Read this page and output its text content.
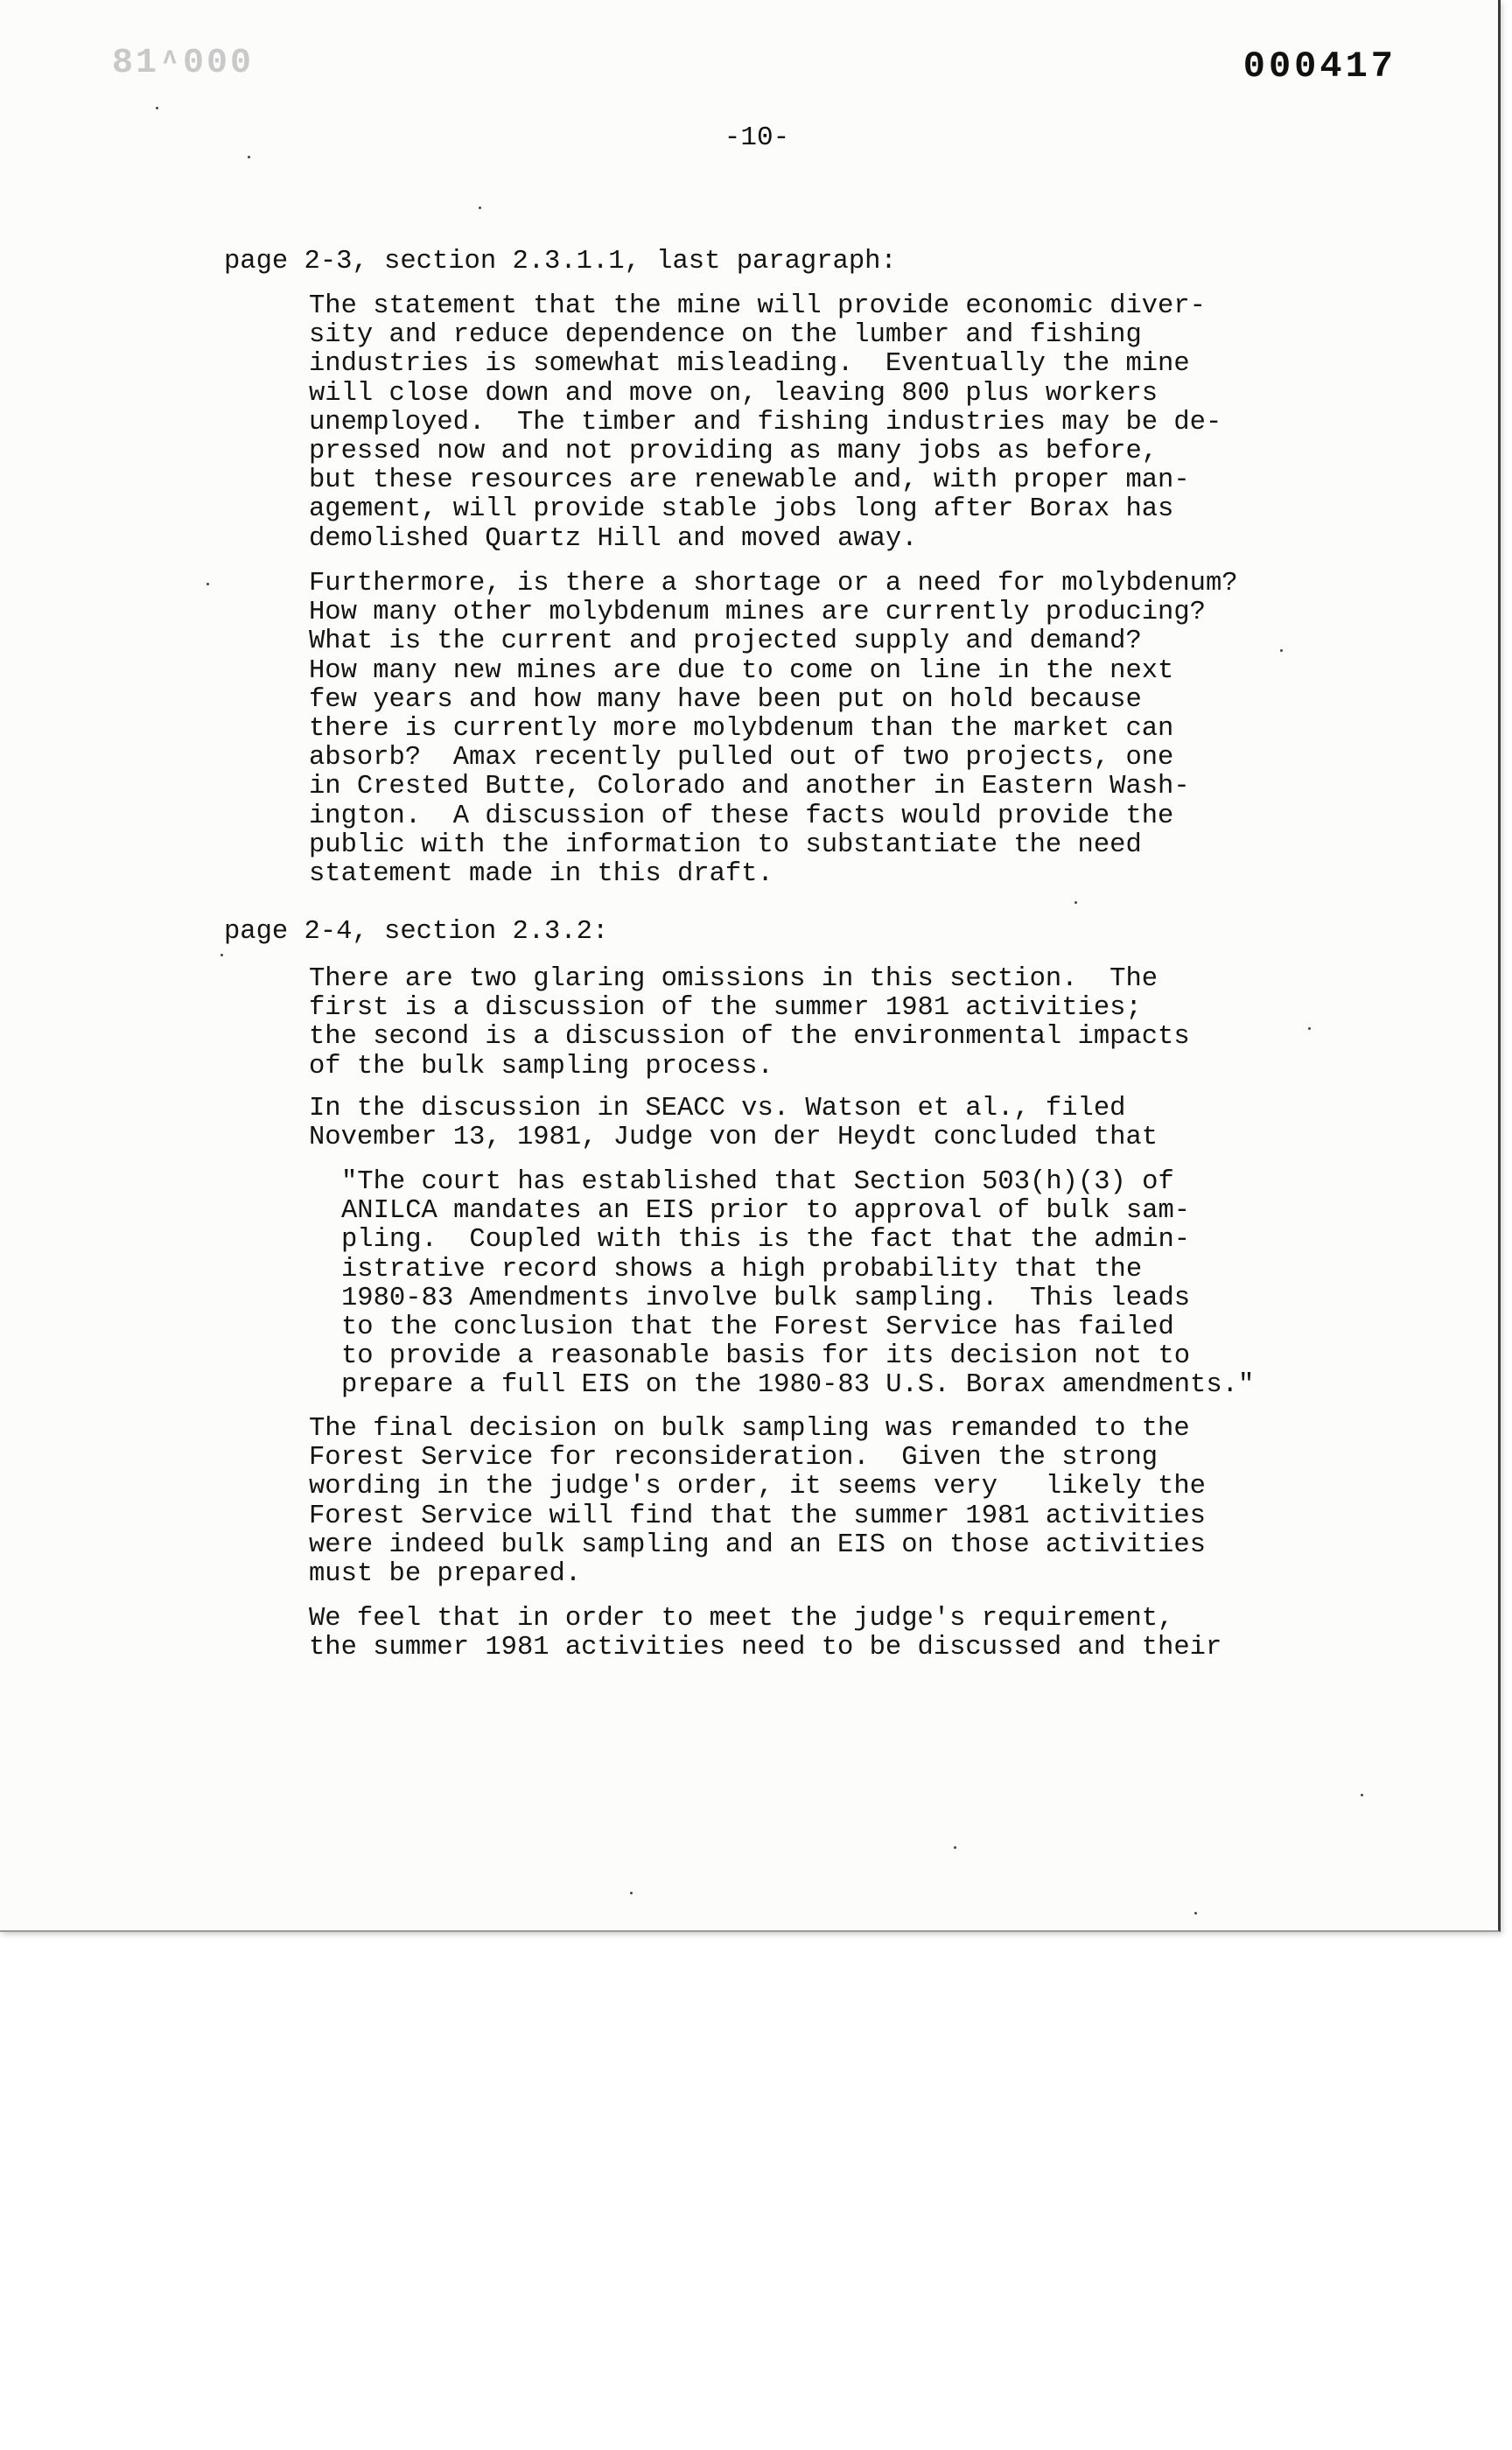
81ᶺ000	000417
-10-

page 2-3, section 2.3.1.1, last paragraph:

The statement that the mine will provide economic diver-
sity and reduce dependence on the lumber and fishing
industries is somewhat misleading.  Eventually the mine
will close down and move on, leaving 800 plus workers
unemployed.  The timber and fishing industries may be de-
pressed now and not providing as many jobs as before,
but these resources are renewable and, with proper man-
agement, will provide stable jobs long after Borax has
demolished Quartz Hill and moved away.

Furthermore, is there a shortage or a need for molybdenum?
How many other molybdenum mines are currently producing?
What is the current and projected supply and demand?
How many new mines are due to come on line in the next
few years and how many have been put on hold because
there is currently more molybdenum than the market can
absorb?  Amax recently pulled out of two projects, one
in Crested Butte, Colorado and another in Eastern Wash-
ington.  A discussion of these facts would provide the
public with the information to substantiate the need
statement made in this draft.

page 2-4, section 2.3.2:

There are two glaring omissions in this section.  The
first is a discussion of the summer 1981 activities;
the second is a discussion of the environmental impacts
of the bulk sampling process.

In the discussion in SEACC vs. Watson et al., filed
November 13, 1981, Judge von der Heydt concluded that

"The court has established that Section 503(h)(3) of
ANILCA mandates an EIS prior to approval of bulk sam-
pling.  Coupled with this is the fact that the admin-
istrative record shows a high probability that the
1980-83 Amendments involve bulk sampling.  This leads
to the conclusion that the Forest Service has failed
to provide a reasonable basis for its decision not to
prepare a full EIS on the 1980-83 U.S. Borax amendments."

The final decision on bulk sampling was remanded to the
Forest Service for reconsideration.  Given the strong
wording in the judge's order, it seems very   likely the
Forest Service will find that the summer 1981 activities
were indeed bulk sampling and an EIS on those activities
must be prepared.

We feel that in order to meet the judge's requirement,
the summer 1981 activities need to be discussed and their
